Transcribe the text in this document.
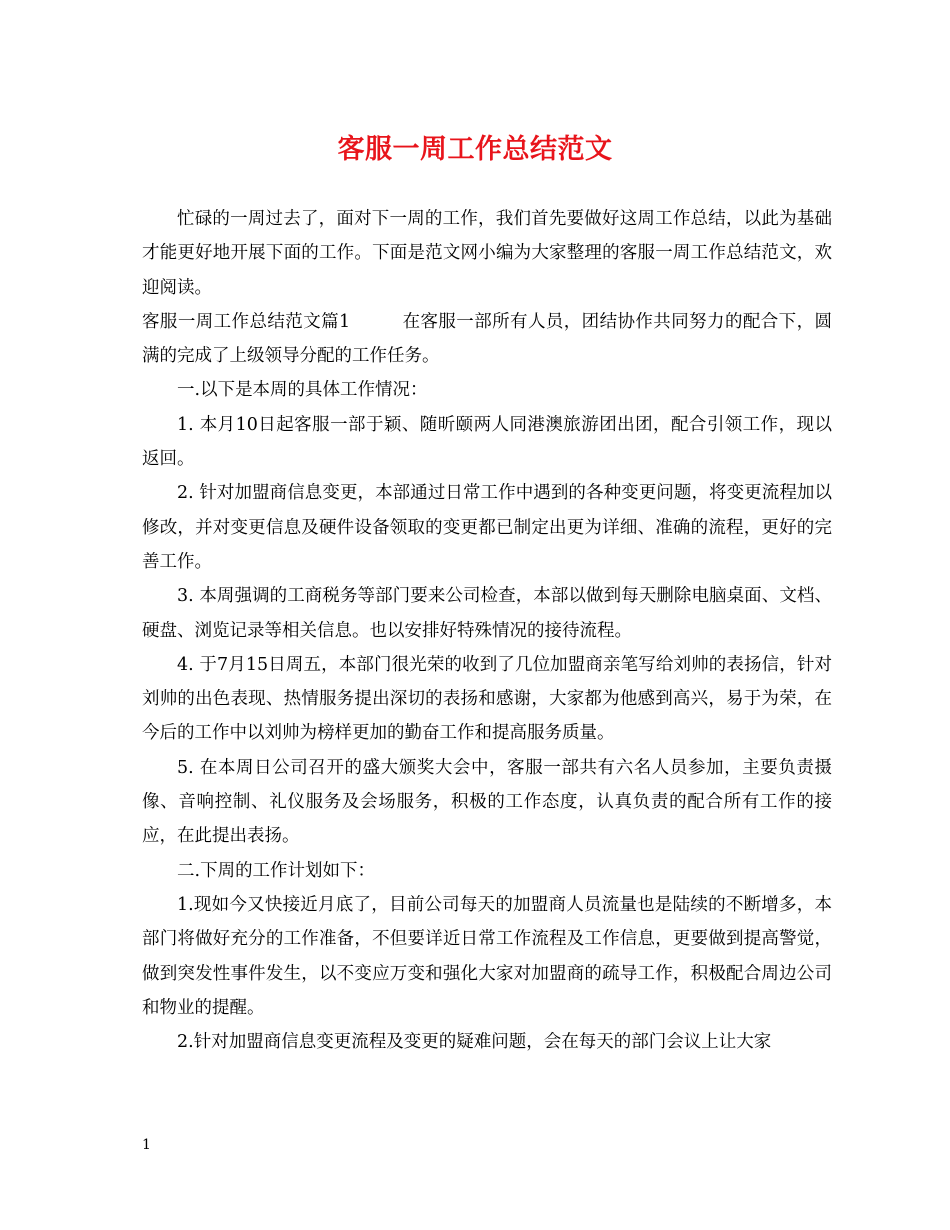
客服一周工作总结范文

忙碌的一周过去了，面对下一周的工作，我们首先要做好这周工作总结，以此为基础才能更好地开展下面的工作。下面是范文网小编为大家整理的客服一周工作总结范文，欢迎阅读。

客服一周工作总结范文篇1	在客服一部所有人员，团结协作共同努力的配合下，圆满的完成了上级领导分配的工作任务。

一.以下是本周的具体工作情况：

1. 本月10日起客服一部于颖、随昕颐两人同港澳旅游团出团，配合引领工作，现以返回。

2. 针对加盟商信息变更，本部通过日常工作中遇到的各种变更问题，将变更流程加以修改，并对变更信息及硬件设备领取的变更都已制定出更为详细、准确的流程，更好的完善工作。

3. 本周强调的工商税务等部门要来公司检查，本部以做到每天删除电脑桌面、文档、硬盘、浏览记录等相关信息。也以安排好特殊情况的接待流程。

4. 于7月15日周五，本部门很光荣的收到了几位加盟商亲笔写给刘帅的表扬信，针对刘帅的出色表现、热情服务提出深切的表扬和感谢，大家都为他感到高兴，易于为荣，在今后的工作中以刘帅为榜样更加的勤奋工作和提高服务质量。

5. 在本周日公司召开的盛大颁奖大会中，客服一部共有六名人员参加，主要负责摄像、音响控制、礼仪服务及会场服务，积极的工作态度，认真负责的配合所有工作的接应，在此提出表扬。

二.下周的工作计划如下：

1.现如今又快接近月底了，目前公司每天的加盟商人员流量也是陆续的不断增多，本部门将做好充分的工作准备，不但要详近日常工作流程及工作信息，更要做到提高警觉，做到突发性事件发生，以不变应万变和强化大家对加盟商的疏导工作，积极配合周边公司和物业的提醒。

2.针对加盟商信息变更流程及变更的疑难问题，会在每天的部门会议上让大家

1
